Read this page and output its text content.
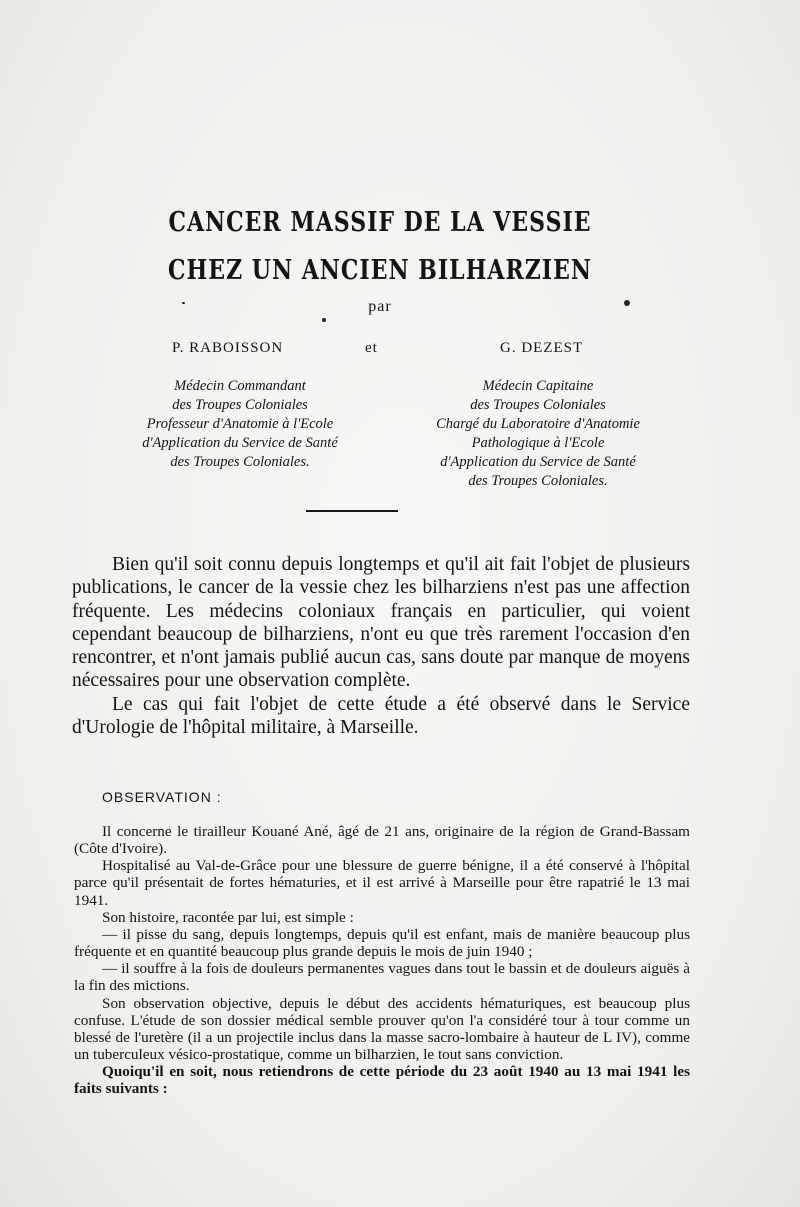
CANCER MASSIF DE LA VESSIE
CHEZ UN ANCIEN BILHARZIEN
par
P. RABOISSON	et	G. DEZEST
Médecin Commandant
des Troupes Coloniales
Professeur d'Anatomie à l'Ecole
d'Application du Service de Santé
des Troupes Coloniales.
Médecin Capitaine
des Troupes Coloniales
Chargé du Laboratoire d'Anatomie
Pathologique à l'Ecole
d'Application du Service de Santé
des Troupes Coloniales.

Bien qu'il soit connu depuis longtemps et qu'il ait fait l'objet de plusieurs publications, le cancer de la vessie chez les bilharziens n'est pas une affection fréquente. Les médecins coloniaux français en particulier, qui voient cependant beaucoup de bilharziens, n'ont eu que très rarement l'occasion d'en rencontrer, et n'ont jamais publié aucun cas, sans doute par manque de moyens nécessaires pour une observation complète.

Le cas qui fait l'objet de cette étude a été observé dans le Service d'Urologie de l'hôpital militaire, à Marseille.

OBSERVATION :

Il concerne le tirailleur Kouané Ané, âgé de 21 ans, originaire de la région de Grand-Bassam (Côte d'Ivoire).

Hospitalisé au Val-de-Grâce pour une blessure de guerre bénigne, il a été conservé à l'hôpital parce qu'il présentait de fortes hématuries, et il est arrivé à Marseille pour être rapatrié le 13 mai 1941.

Son histoire, racontée par lui, est simple :

— il pisse du sang, depuis longtemps, depuis qu'il est enfant, mais de manière beaucoup plus fréquente et en quantité beaucoup plus grande depuis le mois de juin 1940 ;

— il souffre à la fois de douleurs permanentes vagues dans tout le bassin et de douleurs aiguës à la fin des mictions.

Son observation objective, depuis le début des accidents hématuriques, est beaucoup plus confuse. L'étude de son dossier médical semble prouver qu'on l'a considéré tour à tour comme un blessé de l'uretère (il a un projectile inclus dans la masse sacro-lombaire à hauteur de L IV), comme un tuberculeux vésico-prostatique, comme un bilharzien, le tout sans conviction.

Quoiqu'il en soit, nous retiendrons de cette période du 23 août 1940 au 13 mai 1941 les faits suivants :
